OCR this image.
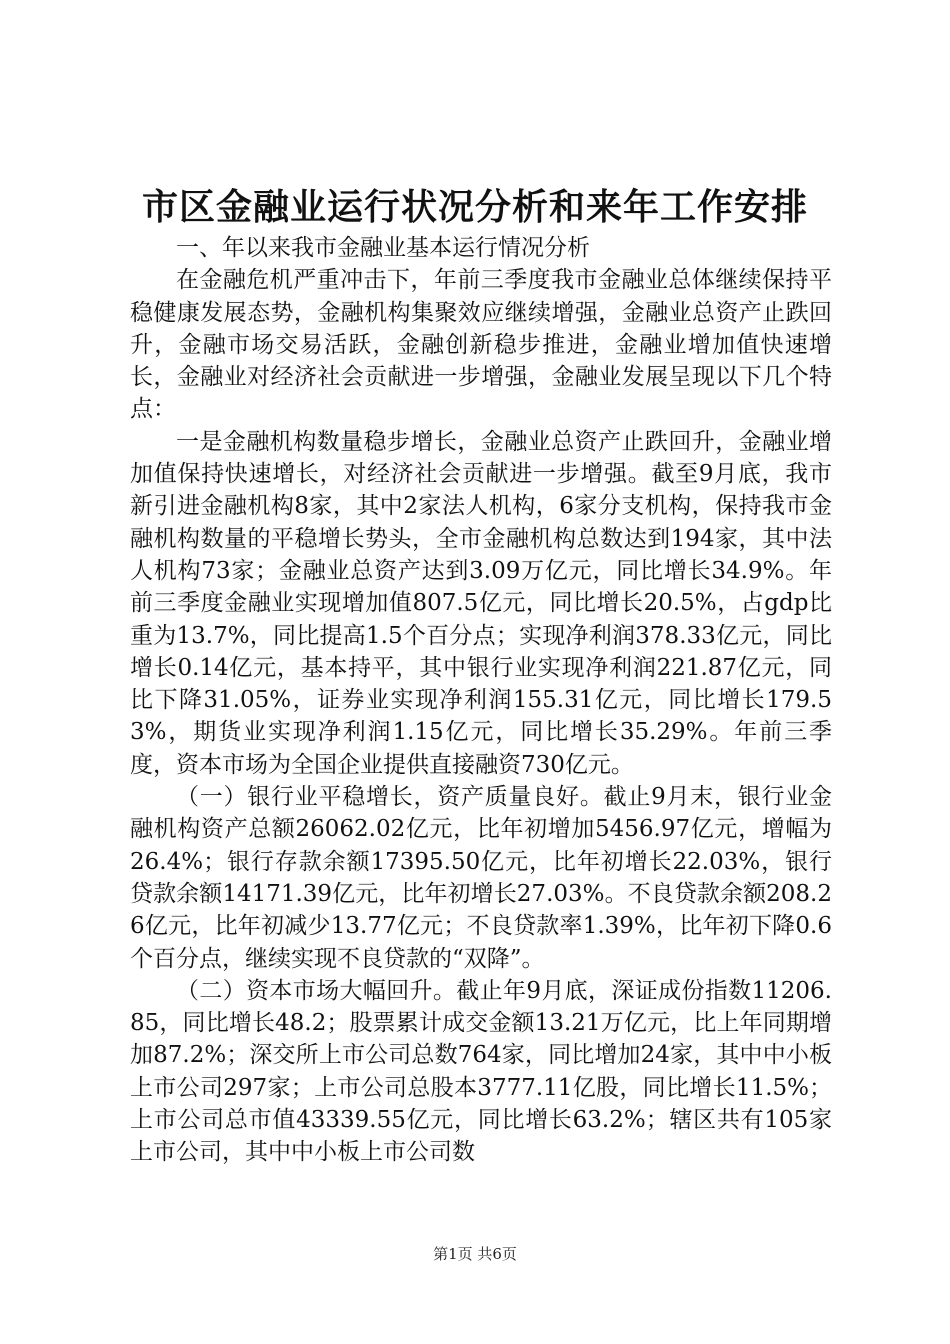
市区金融业运行状况分析和来年工作安排

一、年以来我市金融业基本运行情况分析

在金融危机严重冲击下，年前三季度我市金融业总体继续保持平稳健康发展态势，金融机构集聚效应继续增强，金融业总资产止跌回升，金融市场交易活跃，金融创新稳步推进，金融业增加值快速增长，金融业对经济社会贡献进一步增强，金融业发展呈现以下几个特点：

一是金融机构数量稳步增长，金融业总资产止跌回升，金融业增加值保持快速增长，对经济社会贡献进一步增强。截至9月底，我市新引进金融机构8家，其中2家法人机构，6家分支机构，保持我市金融机构数量的平稳增长势头，全市金融机构总数达到194家，其中法人机构73家；金融业总资产达到3.09万亿元，同比增长34.9%。年前三季度金融业实现增加值807.5亿元，同比增长20.5%，占gdp比重为13.7%，同比提高1.5个百分点；实现净利润378.33亿元，同比增长0.14亿元，基本持平，其中银行业实现净利润221.87亿元，同比下降31.05%，证券业实现净利润155.31亿元，同比增长179.53%，期货业实现净利润1.15亿元，同比增长35.29%。年前三季度，资本市场为全国企业提供直接融资730亿元。

（一）银行业平稳增长，资产质量良好。截止9月末，银行业金融机构资产总额26062.02亿元，比年初增加5456.97亿元，增幅为26.4%；银行存款余额17395.50亿元，比年初增长22.03%，银行贷款余额14171.39亿元，比年初增长27.03%。不良贷款余额208.26亿元，比年初减少13.77亿元；不良贷款率1.39%，比年初下降0.6个百分点，继续实现不良贷款的“双降”。

（二）资本市场大幅回升。截止年9月底，深证成份指数11206.85，同比增长48.2；股票累计成交金额13.21万亿元，比上年同期增加87.2%；深交所上市公司总数764家，同比增加24家，其中中小板上市公司297家；上市公司总股本3777.11亿股，同比增长11.5%；上市公司总市值43339.55亿元，同比增长63.2%；辖区共有105家上市公司，其中中小板上市公司数

第1页 共6页
